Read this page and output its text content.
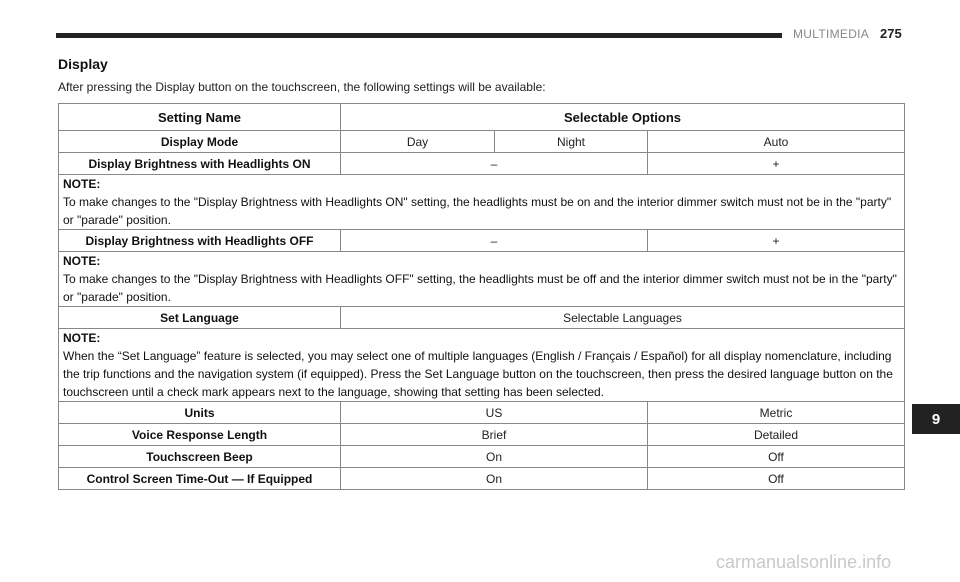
MULTIMEDIA 275
Display
After pressing the Display button on the touchscreen, the following settings will be available:
Setting Name	Selectable Options		
Display Mode	Day	Night	Auto
Display Brightness with Headlights ON	–		+

NOTE:
To make changes to the "Display Brightness with Headlights ON" setting, the headlights must be on and the interior dimmer switch must not be in the "party" or "parade" position.			
Display Brightness with Headlights OFF	–		+

NOTE:
To make changes to the "Display Brightness with Headlights OFF" setting, the headlights must be off and the interior dimmer switch must not be in the "party" or "parade" position.			
Set Language	Selectable Languages		

NOTE:
When the “Set Language” feature is selected, you may select one of multiple languages (English / Français / Español) for all display nomenclature, including the trip functions and the navigation system (if equipped). Press the Set Language button on the touchscreen, then press the desired language button on the touchscreen until a check mark appears next to the language, showing that setting has been selected.			
Units	US		Metric
Voice Response Length	Brief		Detailed
Touchscreen Beep	On		Off
Control Screen Time-Out — If Equipped	On		Off
9
carmanualsonline.info
